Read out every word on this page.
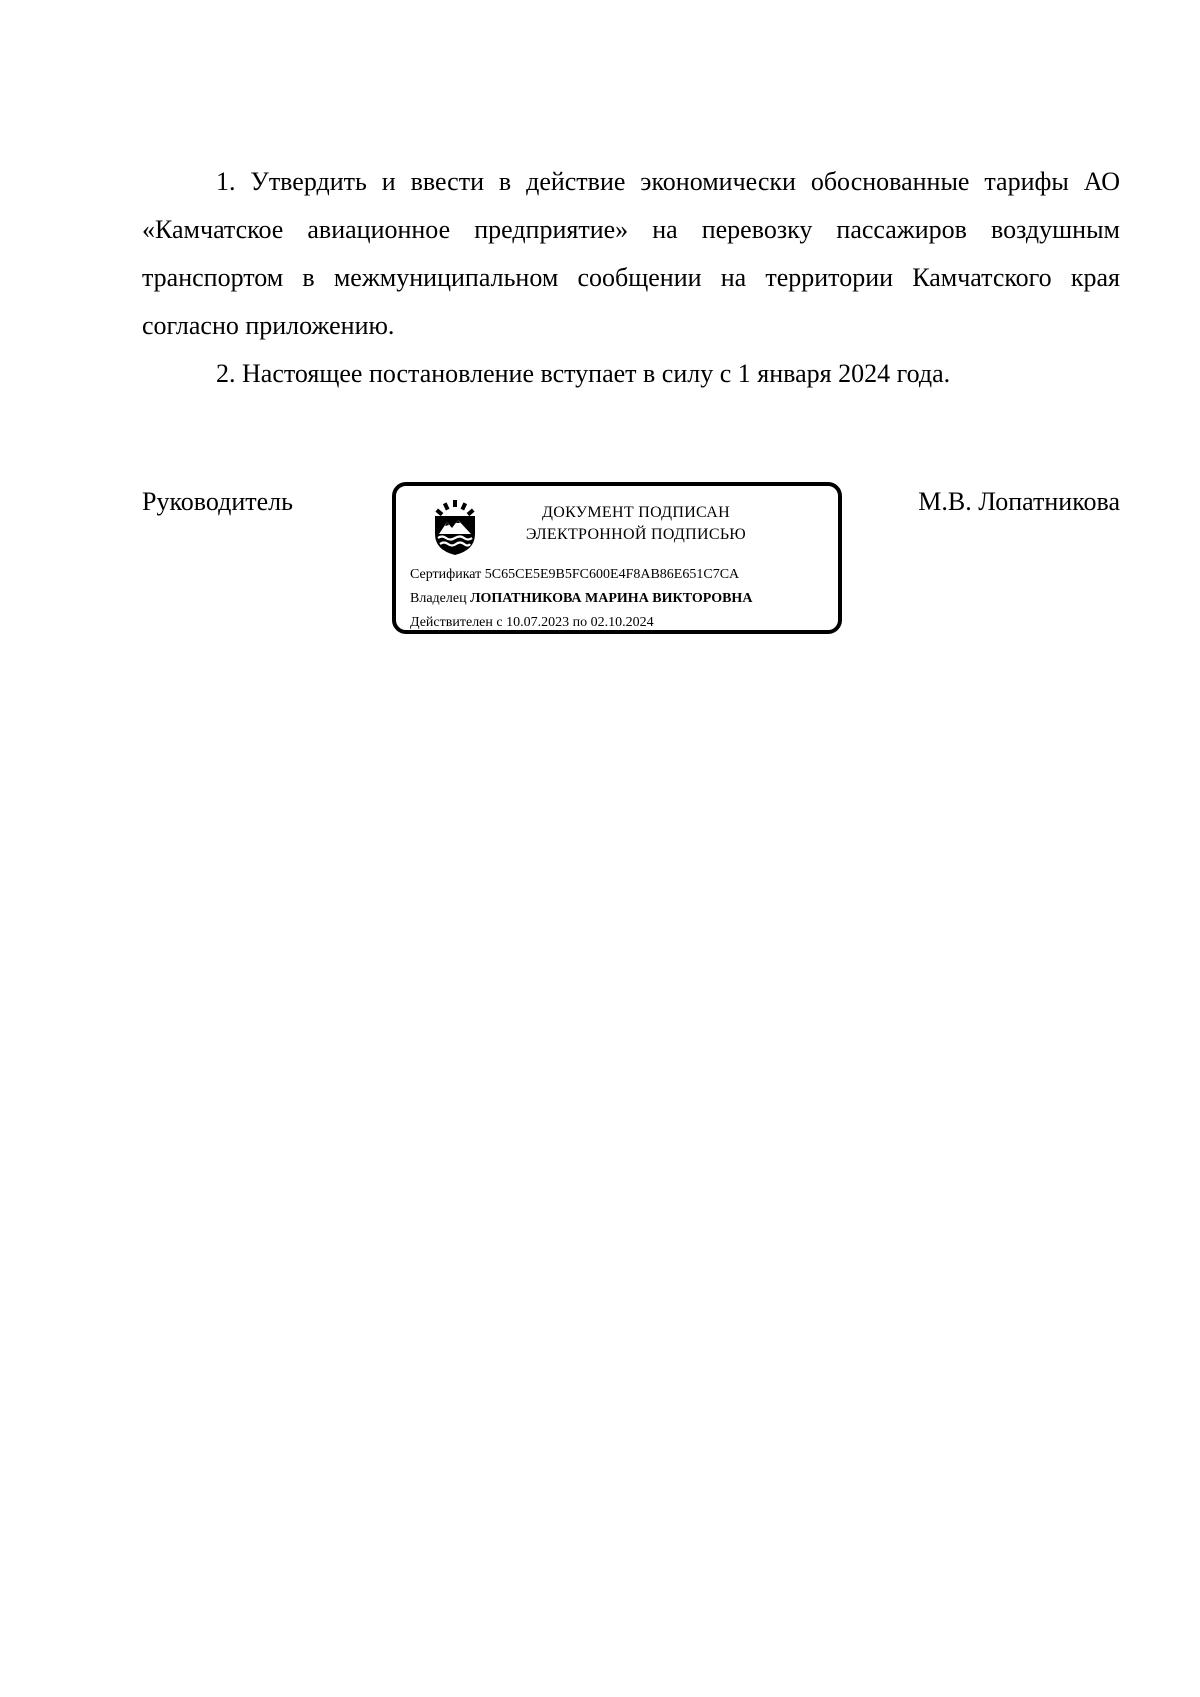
1. Утвердить и ввести в действие экономически обоснованные тарифы АО «Камчатское авиационное предприятие» на перевозку пассажиров воздушным транспортом в межмуниципальном сообщении на территории Камчатского края согласно приложению.

2. Настоящее постановление вступает в силу с 1 января 2024 года.

Руководитель	ДОКУМЕНТ ПОДПИСАН
ЭЛЕКТРОННОЙ ПОДПИСЬЮ
Сертификат 5C65CE5E9B5FC600E4F8AB86E651C7CA
Владелец ЛОПАТНИКОВА МАРИНА ВИКТОРОВНА
Действителен с 10.07.2023 по 02.10.2024
М.В. Лопатникова
